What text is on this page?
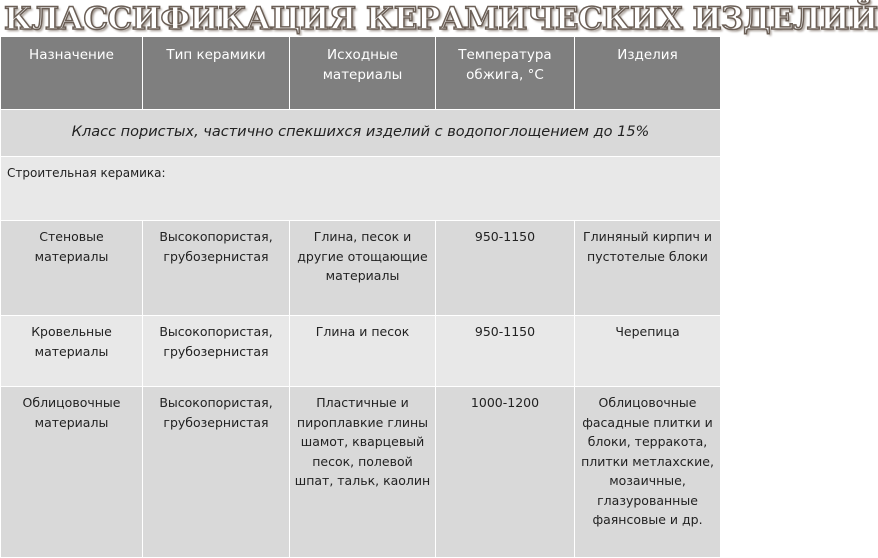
КЛАССИФИКАЦИЯ КЕРАМИЧЕСКИХ ИЗДЕЛИЙ
Назначение	Тип керамики	Исходные материалы	Температура обжига, °С	Изделия
Класс пористых, частично спекшихся изделий с водопоглощением до 15%				
Строительная керамика:				
Стеновые материалы	Высокопористая, грубозернистая	Глина, песок и другие отощающие материалы	950-1150	Глиняный кирпич и пустотелые блоки
Кровельные материалы	Высокопористая, грубозернистая	Глина и песок	950-1150	Черепица
Облицовочные материалы	Высокопористая, грубозернистая	Пластичные и пироплавкие глины шамот, кварцевый песок, полевой шпат, тальк, каолин	1000-1200	Облицовочные фасадные плитки и блоки, терракота, плитки метлахские, мозаичные, глазурованные фаянсовые и др.
